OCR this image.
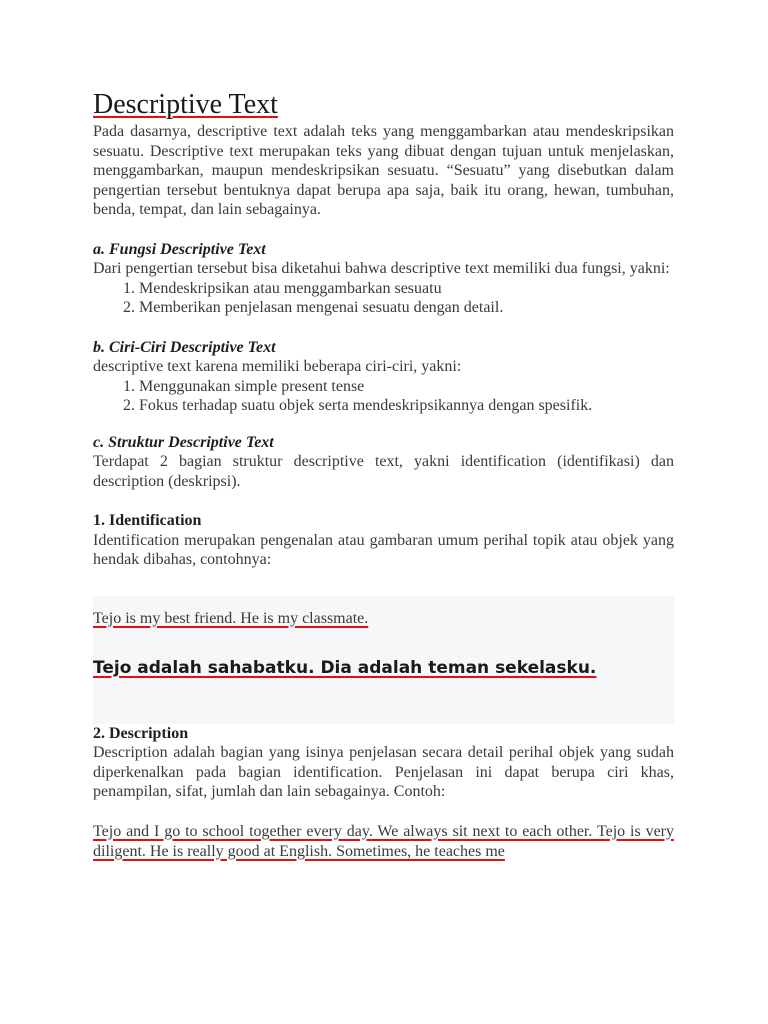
Descriptive Text

Pada dasarnya, descriptive text adalah teks yang menggambarkan atau mendeskripsikan sesuatu. Descriptive text merupakan teks yang dibuat dengan tujuan untuk menjelaskan, menggambarkan, maupun mendeskripsikan sesuatu. “Sesuatu” yang disebutkan dalam pengertian tersebut bentuknya dapat berupa apa saja, baik itu orang, hewan, tumbuhan, benda, tempat, dan lain sebagainya.

a. Fungsi Descriptive Text

Dari pengertian tersebut bisa diketahui bahwa descriptive text memiliki dua fungsi, yakni:

1. Mendeskripsikan atau menggambarkan sesuatu
2. Memberikan penjelasan mengenai sesuatu dengan detail.
b. Ciri-Ciri Descriptive Text

descriptive text karena memiliki beberapa ciri-ciri, yakni:

1. Menggunakan simple present tense
2. Fokus terhadap suatu objek serta mendeskripsikannya dengan spesifik.
c. Struktur Descriptive Text

Terdapat 2 bagian struktur descriptive text, yakni identification (identifikasi) dan description (deskripsi).

1. Identification

Identification merupakan pengenalan atau gambaran umum perihal topik atau objek yang hendak dibahas, contohnya:

Tejo is my best friend. He is my classmate.

Tejo adalah sahabatku. Dia adalah teman sekelasku.

2. Description

Description adalah bagian yang isinya penjelasan secara detail perihal objek yang sudah diperkenalkan pada bagian identification. Penjelasan ini dapat berupa ciri khas, penampilan, sifat, jumlah dan lain sebagainya. Contoh:

Tejo and I go to school together every day. We always sit next to each other. Tejo is very diligent. He is really good at English. Sometimes, he teaches me
